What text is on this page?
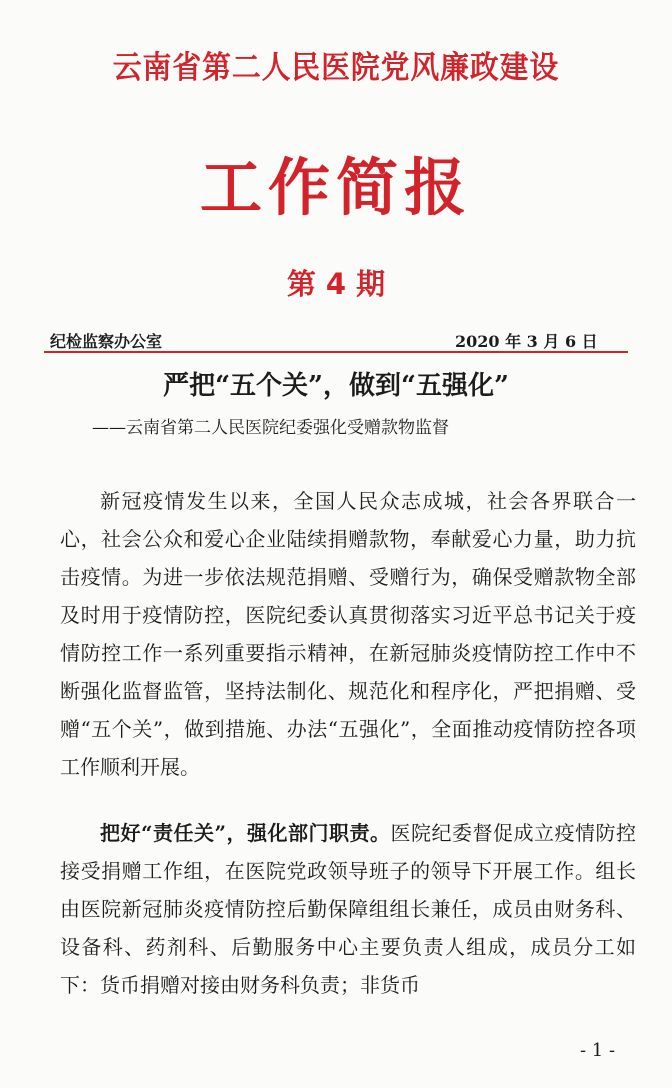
云南省第二人民医院党风廉政建设
工作简报
第 4 期
纪检监察办公室	2020 年 3 月 6 日
严把“五个关”，做到“五强化”
——云南省第二人民医院纪委强化受赠款物监督

新冠疫情发生以来，全国人民众志成城，社会各界联合一心，社会公众和爱心企业陆续捐赠款物，奉献爱心力量，助力抗击疫情。为进一步依法规范捐赠、受赠行为，确保受赠款物全部及时用于疫情防控，医院纪委认真贯彻落实习近平总书记关于疫情防控工作一系列重要指示精神，在新冠肺炎疫情防控工作中不断强化监督监管，坚持法制化、规范化和程序化，严把捐赠、受赠“五个关”，做到措施、办法“五强化”，全面推动疫情防控各项工作顺利开展。

把好“责任关”，强化部门职责。医院纪委督促成立疫情防控接受捐赠工作组，在医院党政领导班子的领导下开展工作。组长由医院新冠肺炎疫情防控后勤保障组组长兼任，成员由财务科、设备科、药剂科、后勤服务中心主要负责人组成，成员分工如下：货币捐赠对接由财务科负责；非货币

- 1 -
